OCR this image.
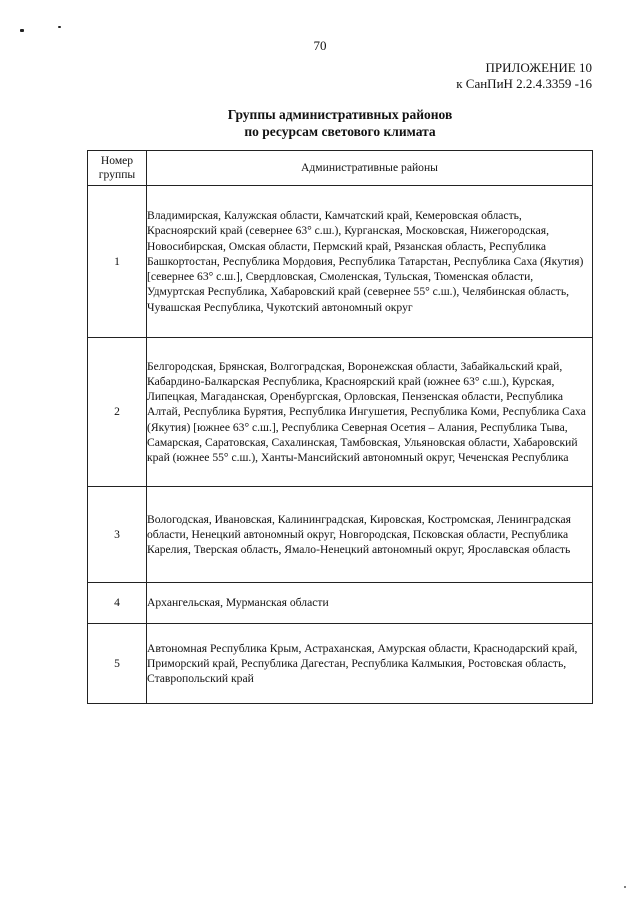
70
ПРИЛОЖЕНИЕ 10
к СанПиН 2.2.4.3359 -16
Группы административных районов
по ресурсам светового климата
Номер группы	Административные районы
1	Владимирская, Калужская области, Камчатский край, Кемеровская область, Красноярский край (севернее 63° с.ш.), Курганская, Московская, Нижегородская, Новосибирская, Омская области, Пермский край, Рязанская область, Республика Башкортостан, Республика Мордовия, Республика Татарстан, Республика Саха (Якутия) [севернее 63° с.ш.], Свердловская, Смоленская, Тульская, Тюменская области, Удмуртская Республика, Хабаровский край (севернее 55° с.ш.), Челябинская область, Чувашская Республика, Чукотский автономный округ
2	Белгородская, Брянская, Волгоградская, Воронежская области, Забайкальский край, Кабардино-Балкарская Республика, Красноярский край (южнее 63° с.ш.), Курская, Липецкая, Магаданская, Оренбургская, Орловская, Пензенская области, Республика Алтай, Республика Бурятия, Республика Ингушетия, Республика Коми, Республика Саха (Якутия) [южнее 63° с.ш.], Республика Северная Осетия – Алания, Республика Тыва, Самарская, Саратовская, Сахалинская, Тамбовская, Ульяновская области, Хабаровский край (южнее 55° с.ш.), Ханты-Мансийский автономный округ, Чеченская Республика
3	Вологодская, Ивановская, Калининградская, Кировская, Костромская, Ленинградская области, Ненецкий автономный округ, Новгородская, Псковская области, Республика Карелия, Тверская область, Ямало-Ненецкий автономный округ, Ярославская область
4	Архангельская, Мурманская области
5	Автономная Республика Крым, Астраханская, Амурская области, Краснодарский край, Приморский край, Республика Дагестан, Республика Калмыкия, Ростовская область, Ставропольский край
